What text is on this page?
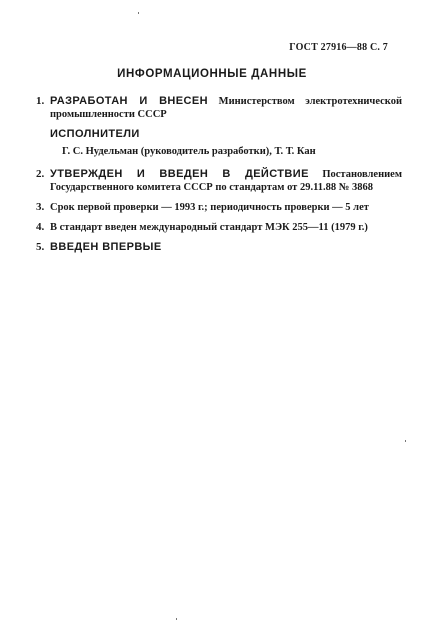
ГОСТ 27916—88 С. 7
ИНФОРМАЦИОННЫЕ ДАННЫЕ
1. РАЗРАБОТАН И ВНЕСЕН Министерством электротехнической промышленности СССР
ИСПОЛНИТЕЛИ
Г. С. Нудельман (руководитель разработки), Т. Т. Кан
2. УТВЕРЖДЕН И ВВЕДЕН В ДЕЙСТВИЕ Постановлением Государственного комитета СССР по стандартам от 29.11.88 № 3868
3. Срок первой проверки — 1993 г.; периодичность проверки — 5 лет
4. В стандарт введен международный стандарт МЭК 255—11 (1979 г.)
5. ВВЕДЕН ВПЕРВЫЕ
